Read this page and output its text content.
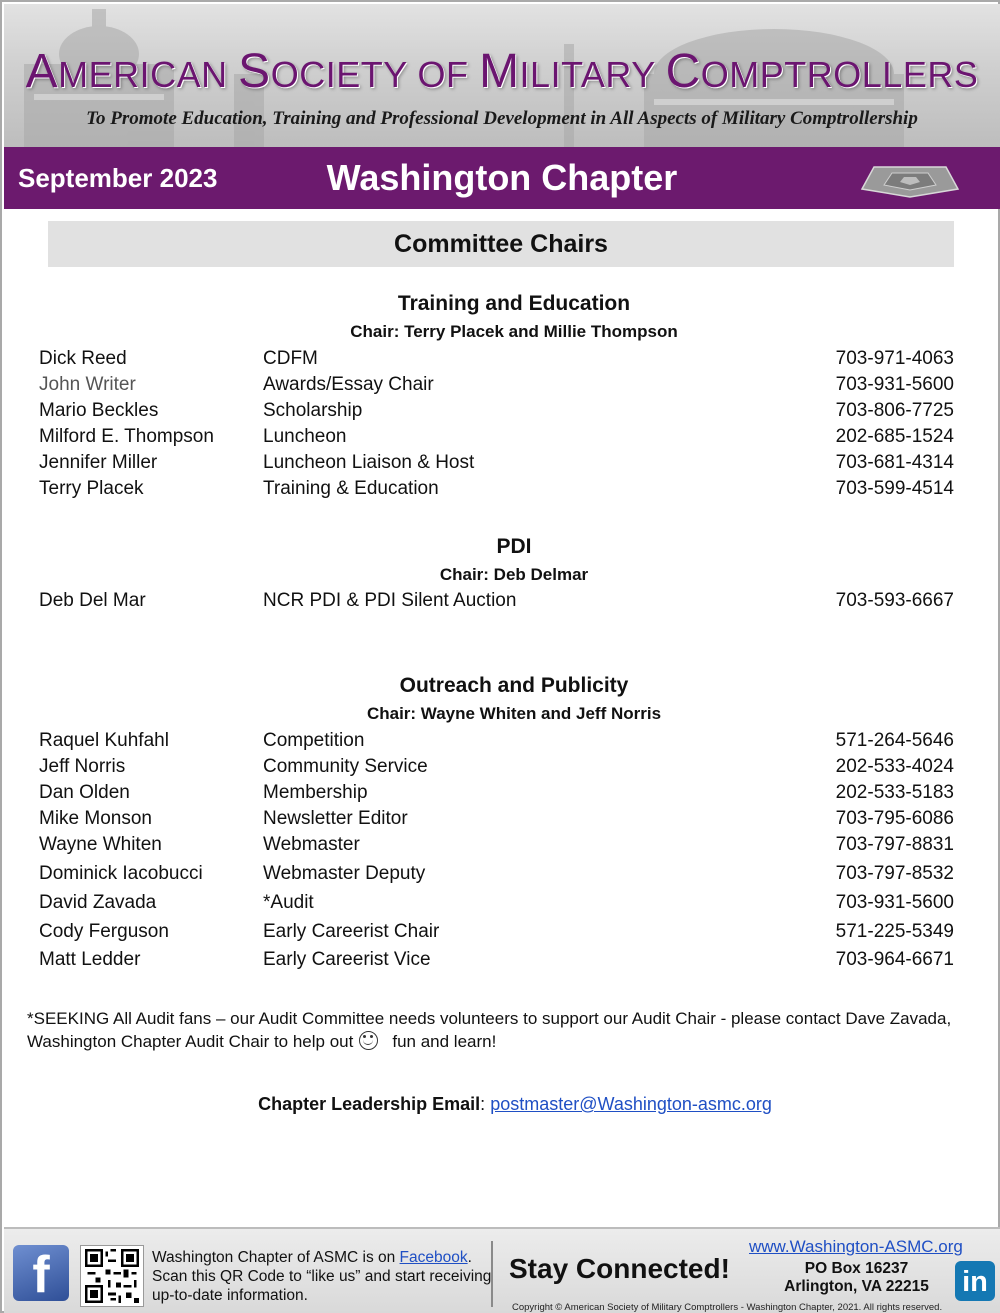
AMERICAN SOCIETY OF MILITARY COMPTROLLERS
To Promote Education, Training and Professional Development in All Aspects of Military Comptrollership
September 2023	Washington Chapter
Committee Chairs
Training and Education
Chair: Terry Placek and Millie Thompson
Dick Reed	CDFM	703-971-4063
John Writer	Awards/Essay Chair	703-931-5600
Mario Beckles	Scholarship	703-806-7725
Milford E. Thompson	Luncheon	202-685-1524
Jennifer Miller	Luncheon Liaison & Host	703-681-4314
Terry Placek	Training & Education	703-599-4514
PDI
Chair: Deb Delmar
Deb Del Mar	NCR PDI & PDI Silent Auction	703-593-6667
Outreach and Publicity
Chair: Wayne Whiten and Jeff Norris
Raquel Kuhfahl	Competition	571-264-5646
Jeff Norris	Community Service	202-533-4024
Dan Olden	Membership	202-533-5183
Mike Monson	Newsletter Editor	703-795-6086
Wayne Whiten	Webmaster	703-797-8831
Dominick Iacobucci	Webmaster Deputy	703-797-8532
David Zavada	*Audit	703-931-5600
Cody Ferguson	Early Careerist Chair	571-225-5349
Matt Ledder	Early Careerist Vice	703-964-6671
*SEEKING All Audit fans – our Audit Committee needs volunteers to support our Audit Chair - please contact Dave Zavada,
Washington Chapter Audit Chair to help out fun and learn!
Chapter Leadership Email: postmaster@Washington-asmc.org
f	Washington Chapter of ASMC is on Facebook. Scan this QR Code to “like us” and start receiving up-to-date information.
Stay Connected!
www.Washington-ASMC.org
PO Box 16237
Arlington, VA 22215	in
Copyright © American Society of Military Comptrollers - Washington Chapter, 2021. All rights reserved.
